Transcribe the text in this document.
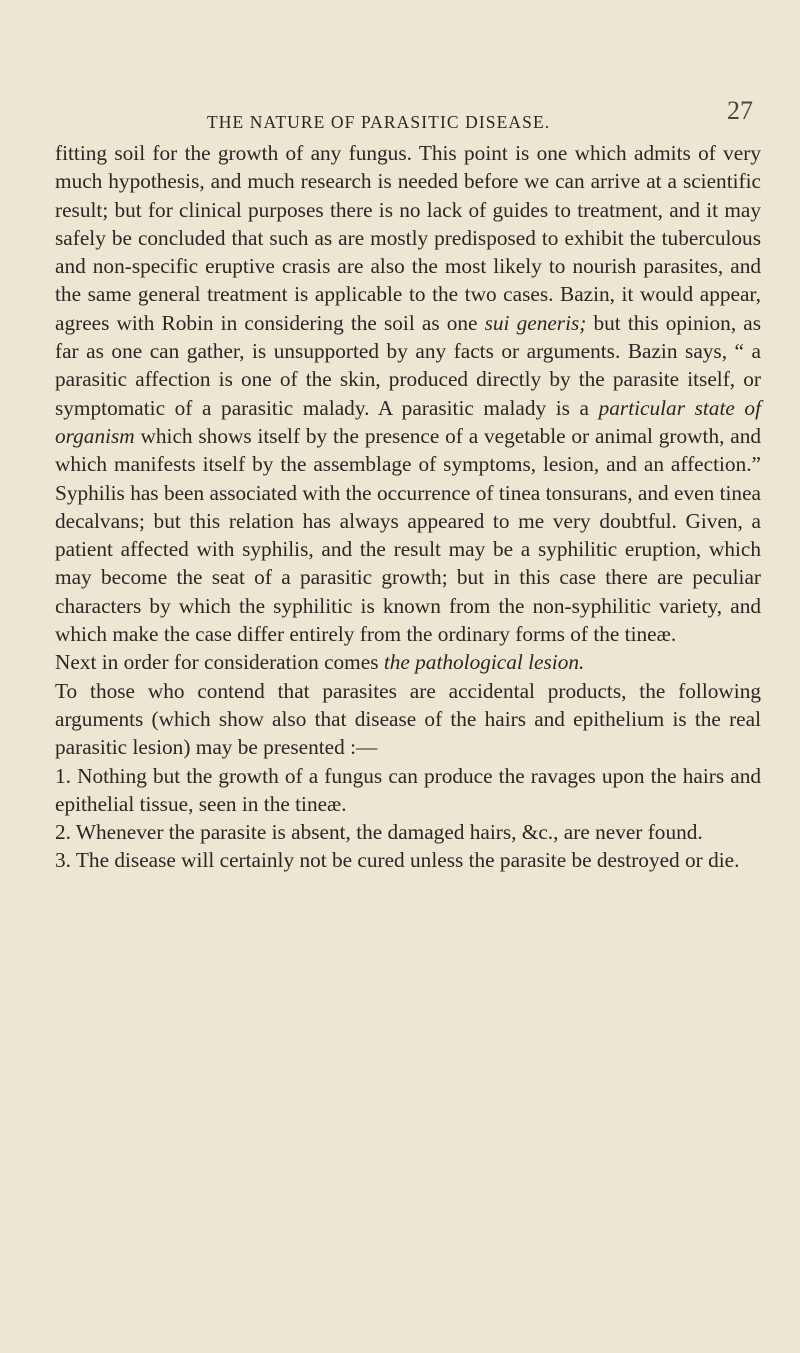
THE NATURE OF PARASITIC DISEASE.	27

fitting soil for the growth of any fungus. This point is one which admits of very much hypothesis, and much research is needed before we can arrive at a scientific result; but for clinical purposes there is no lack of guides to treatment, and it may safely be concluded that such as are mostly predisposed to exhibit the tuberculous and non-specific eruptive crasis are also the most likely to nourish parasites, and the same general treatment is applicable to the two cases. Bazin, it would appear, agrees with Robin in considering the soil as one sui generis; but this opinion, as far as one can gather, is unsupported by any facts or arguments. Bazin says, “ a parasitic affection is one of the skin, produced directly by the parasite itself, or symptomatic of a parasitic malady. A parasitic malady is a particular state of organism which shows itself by the presence of a vegetable or animal growth, and which manifests itself by the assemblage of symptoms, lesion, and an affection.” Syphilis has been associated with the occurrence of tinea tonsurans, and even tinea decalvans; but this relation has always appeared to me very doubtful. Given, a patient affected with syphilis, and the result may be a syphilitic eruption, which may become the seat of a parasitic growth; but in this case there are peculiar characters by which the syphilitic is known from the non-syphilitic variety, and which make the case differ entirely from the ordinary forms of the tineæ.

Next in order for consideration comes the pathological lesion.

To those who contend that parasites are accidental products, the following arguments (which show also that disease of the hairs and epithelium is the real parasitic lesion) may be presented :—

1. Nothing but the growth of a fungus can produce the ravages upon the hairs and epithelial tissue, seen in the tineæ.

2. Whenever the parasite is absent, the damaged hairs, &c., are never found.

3. The disease will certainly not be cured unless the parasite be destroyed or die.
